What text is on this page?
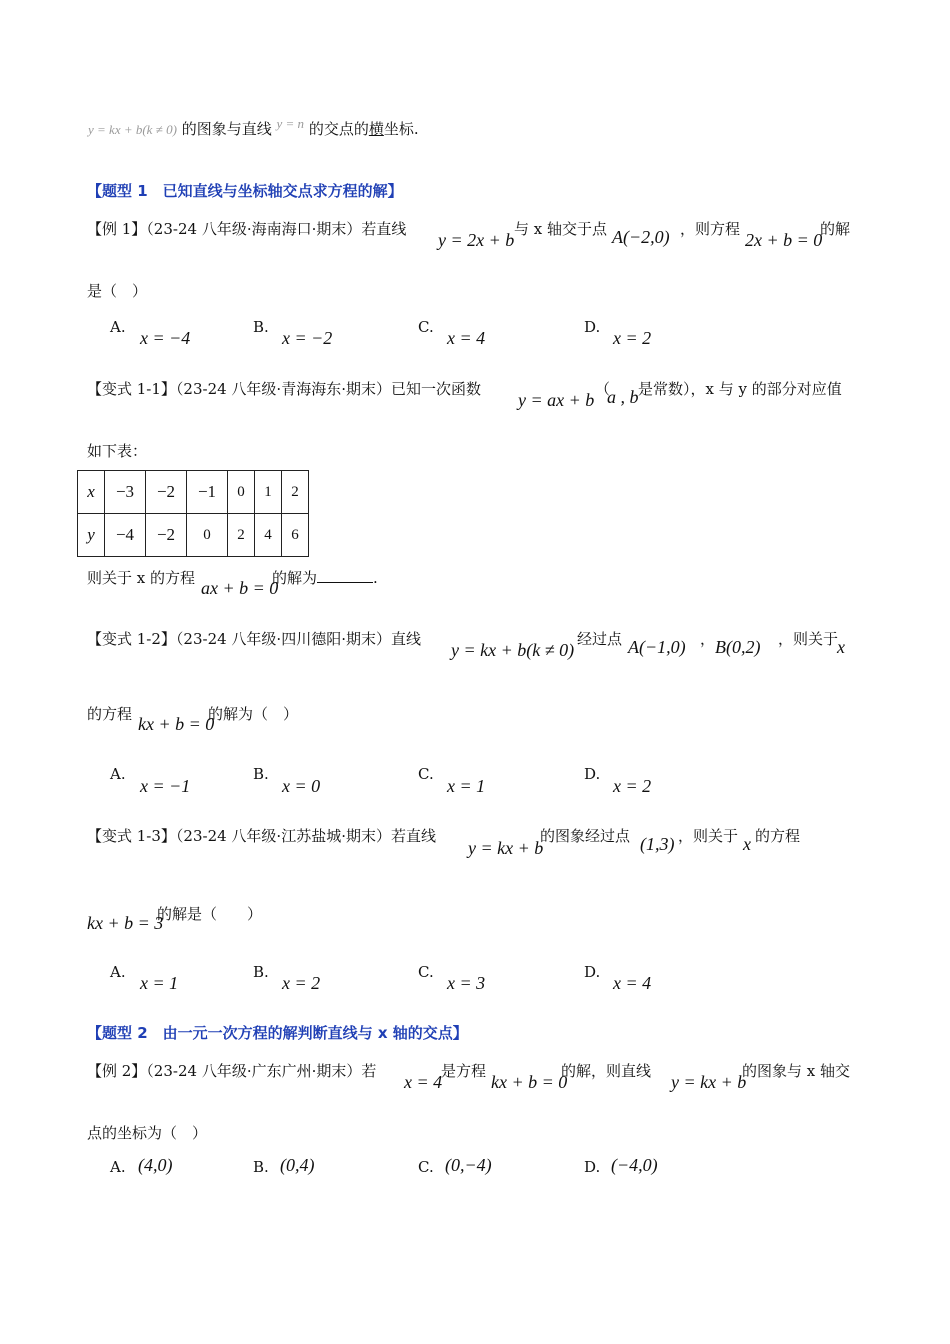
y = kx + b(k ≠ 0) 的图象与直线 y = n 的交点的横坐标.
【题型 1　已知直线与坐标轴交点求方程的解】
【例 1】（23-24 八年级·海南海口·期末）若直线
y = 2x + b
与 x 轴交于点 A(−2,0) ，则方程
2x + b = 0
的解
是（　）
A.
x = −4
B.
x = −2
C.
x = 4
D.
x = 2
【变式 1-1】（23-24 八年级·青海海东·期末）已知一次函数
y = ax + b
（
a , b 是常数），x 与 y 的部分对应值
如下表：
x	−3	−2	−1	0	1	2
y	−4	−2	0	2	4	6
则关于 x 的方程 ax + b = 0
的解为	.
【变式 1-2】（23-24 八年级·四川德阳·期末）直线
y = kx + b(k ≠ 0)
经过点 A(−1,0) ， B(0,2) ，则关于
x
的方程 kx + b = 0
的解为（　）
A.
x = −1
B.
x = 0
C.
x = 1
D.
x = 2
【变式 1-3】（23-24 八年级·江苏盐城·期末）若直线
y = kx + b
的图象经过点 (1,3) ，则关于 x 的方程
kx + b = 3
的解是（　　）
A.
x = 1
B.
x = 2
C.
x = 3
D.
x = 4
【题型 2　由一元一次方程的解判断直线与 x 轴的交点】
【例 2】（23-24 八年级·广东广州·期末）若
x = 4
是方程
kx + b = 0
的解，则直线
y = kx + b
的图象与 x 轴交
点的坐标为（　）
A. (4,0)	B. (0,4)	C. (0,−4)	D. (−4,0)
